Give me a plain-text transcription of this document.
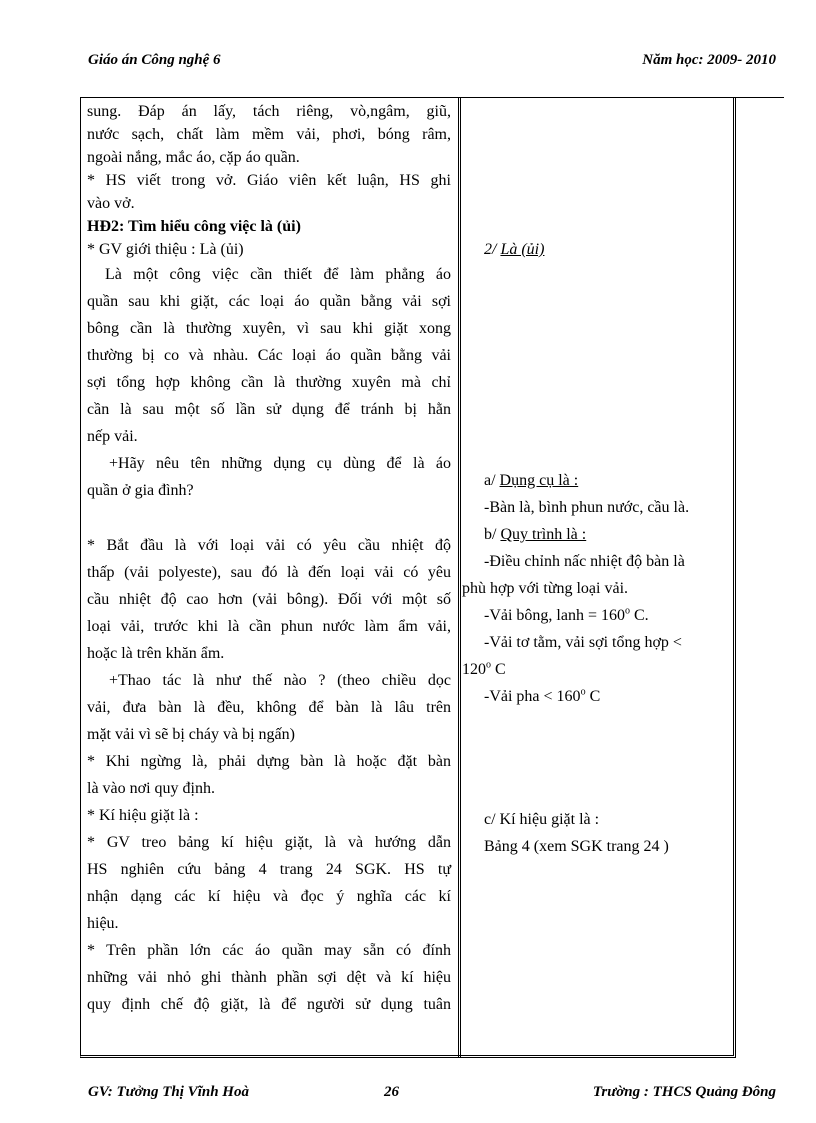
Giáo án Công nghệ 6	Năm học: 2009- 2010
sung. Đáp án lấy, tách riêng, vò,ngâm, giũ,
nước sạch, chất làm mềm vải, phơi, bóng râm,
ngoài nắng, mắc áo, cặp áo quần.
* HS viết trong vở. Giáo viên kết luận, HS ghi
vào vở.
HĐ2: Tìm hiểu công việc là (ủi)
* GV giới thiệu : Là (ủi)
Là một công việc cần thiết để làm phẳng áo
quần sau khi giặt, các loại áo quần bằng vải sợi
bông cần là thường xuyên, vì sau khi giặt xong
thường bị co và nhàu. Các loại áo quần bằng vải
sợi tổng hợp không cần là thường xuyên mà chỉ
cần là sau một số lần sử dụng để tránh bị hằn
nếp vải.
+Hãy nêu tên những dụng cụ dùng để là áo
quần ở gia đình?
* Bắt đầu là với loại vải có yêu cầu nhiệt độ
thấp (vải polyeste), sau đó là đến loại vải có yêu
cầu nhiệt độ cao hơn (vải bông). Đối với một số
loại vải, trước khi là cần phun nước làm ẩm vải,
hoặc là trên khăn ẩm.
+Thao tác là như thế nào ? (theo chiều dọc
vải, đưa bàn là đều, không để bàn là lâu trên
mặt vải vì sẽ bị cháy và bị ngấn)
* Khi ngừng là, phải dựng bàn là hoặc đặt bàn
là vào nơi quy định.
* Kí hiệu giặt là :
* GV treo bảng kí hiệu giặt, là và hướng dẫn
HS nghiên cứu bảng 4 trang 24 SGK. HS tự
nhận dạng các kí hiệu và đọc ý nghĩa các kí
hiệu.
* Trên phần lớn các áo quần may sẵn có đính
những vải nhỏ ghi thành phần sợi dệt và kí hiệu
quy định chế độ giặt, là để người sử dụng tuân
2/ Là (ủi)
a/ Dụng cụ là :
-Bàn là, bình phun nước, cầu là.
b/ Quy trình là :
-Điều chỉnh nấc nhiệt độ bàn là
phù hợp với từng loại vải.
-Vải bông, lanh = $160^o$ C.
-Vải tơ tằm, vải sợi tổng hợp <
$120^o$ C
-Vải pha < $160^o$ C
c/ Kí hiệu giặt là :
Bảng 4 (xem SGK trang 24 )
GV: Tưởng Thị Vĩnh Hoà	26	Trường : THCS Quảng Đông
